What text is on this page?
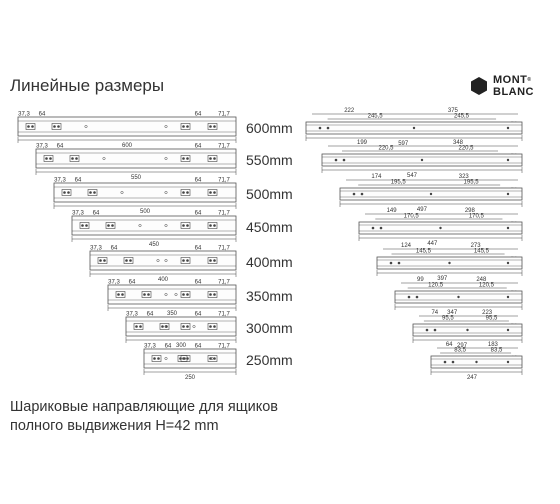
Линейные размеры	MONT®
BLANC
37,3 64	64	71,7
600
600mm
37,3 64	64	71,7
550
550mm
37,3 64	64	71,7
500
500mm
37,3 64	64	71,7
450
450mm
37,3 64	64	71,7
400
400mm
37,3 64	64	71,7
350
350mm
37,3 64	64	71,7
300
300mm
37,3 64	64	71,7
250
250mm
222	375
245,5	245,5
597
199	348
220,5	220,5
547
174	323
195,5	195,5
497
149	298
170,5	170,5
447
124	273
145,5	145,5
397
99	248
120,5	120,5
347
74	223
95,5	95,5
297
64	183
83,5	83,5
247
Шариковые направляющие для ящиков
полного выдвижения H=42 mm
